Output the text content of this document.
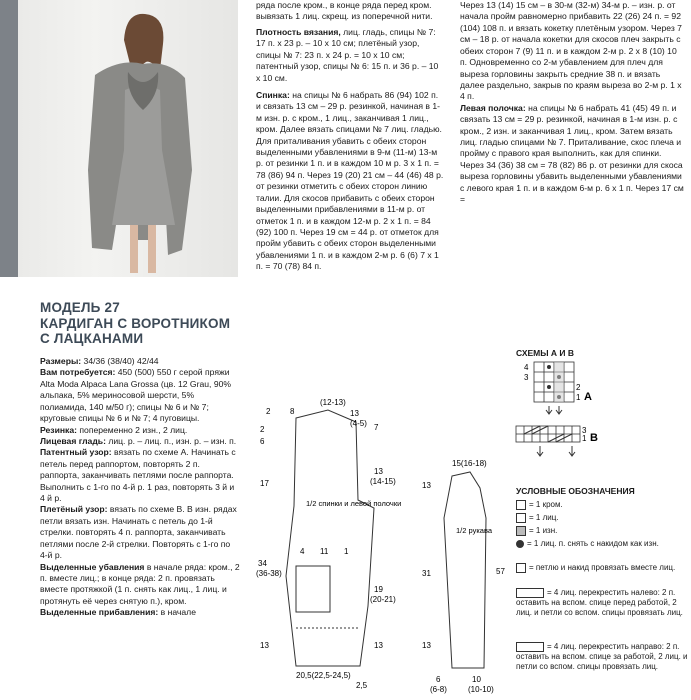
МОДЕЛЬ 27
КАРДИГАН С ВОРОТНИКОМ
С ЛАЦКАНАМИ

Размеры: 34/36 (38/40) 42/44

Вам потребуется: 450 (500) 550 г серой пряжи Alta Moda Alpaca Lana Grossa (цв. 12 Grau, 90% альпака, 5% мериносовой шерсти, 5% полиамида, 140 м/50 г); спицы № 6 и № 7; круговые спицы № 6 и № 7; 4 пуговицы.

Резинка: попеременно 2 изн., 2 лиц.

Лицевая гладь: лиц. р. – лиц. п., изн. р. – изн. п.

Патентный узор: вязать по схеме А. Начинать с петель перед раппортом, повторять 2 п. раппорта, заканчивать петлями после раппорта. Выполнить с 1-го по 4-й р. 1 раз, повторять 3 й и 4 й р.

Плетёный узор: вязать по схеме В. В изн. рядах петли вязать изн. Начинать с петель до 1-й стрелки. повторять 4 п. раппорта, заканчивать петлями после 2-й стрелки. Повторять с 1-го по 4-й р.

Выделенные убавления в начале ряда: кром., 2 п. вместе лиц.; в конце ряда: 2 п. провязать вместе протяжкой (1 п. снять как лиц., 1 лиц. и протянуть её через снятую п.), кром.

Выделенные прибавления: в начале

ряда после кром., в конце ряда перед кром. вывязать 1 лиц. скрещ. из поперечной нити.

Плотность вязания, лиц. гладь, спицы № 7: 17 п. x 23 р. – 10 x 10 см; плетёный узор, спицы № 7: 23 п. x 24 р. = 10 x 10 см; патентный узор, спицы № 6: 15 п. и 36 р. – 10 x 10 см.

Спинка: на спицы № 6 набрать 86 (94) 102 п. и связать 13 см – 29 р. резинкой, начиная в 1-м изн. р. с кром., 1 лиц., заканчивая 1 лиц., кром. Далее вязать спицами № 7 лиц. гладью. Для приталивания убавить с обеих сторон выделенными убавлениями в 9-м (11-м) 13-м р. от резинки 1 п. и в каждом 10 м р. 3 x 1 п. = 78 (86) 94 п. Через 19 (20) 21 см – 44 (46) 48 р. от резинки отметить с обеих сторон линию талии. Для скосов прибавить с обеих сторон выделенными прибавлениями в 11-м р. от отметок 1 п. и в каждом 12-м р. 2 x 1 п. = 84 (92) 100 п. Через 19 см = 44 р. от отметок для пройм убавить с обеих сторон выделенными убавлениями 1 п. и в каждом 2-м р. 6 (6) 7 x 1 п. = 70 (78) 84 п.

Через 13 (14) 15 см – в 30-м (32-м) 34-м р. – изн. р. от начала пройм равномерно прибавить 22 (26) 24 п. = 92 (104) 108 п. и вязать кокетку плетёным узором. Через 7 см – 18 р. от начала кокетки для скосов плеч закрыть с обеих сторон 7 (9) 11 п. и в каждом 2-м р. 2 x 8 (10) 10 п. Одновременно со 2-м убавлением для плеч для выреза горловины закрыть средние 38 п. и вязать далее раздельно, закрыв по краям выреза во 2-м р. 1 x 4 п.

Левая полочка: на спицы № 6 набрать 41 (45) 49 п. и связать 13 см = 29 р. резинкой, начиная в 1-м изн. р. с кром., 2 изн. и заканчивая 1 лиц., кром. Затем вязать лиц. гладью спицами № 7. Приталивание, скос плеча и пройму с правого края выполнить, как для спинки. Через 34 (36) 38 см = 78 (82) 86 р. от резинки для скоса выреза горловины убавить выделенными убавлениями с левого края 1 п. и в каждом 6-м р. 6 x 1 п. Через 17 см =

СХЕМЫ А И В
4
3
2
1 А
3
1 В
УСЛОВНЫЕ ОБОЗНАЧЕНИЯ
= 1 кром.
= 1 лиц.
= 1 изн.
= 1 лиц. п. снять с накидом как изн.
= петлю и накид провязать вместе лиц.
= 4 лиц. перекрестить налево: 2 п. оставить на вспом. спице перед работой, 2 лиц. и петли со вспом. спицы провязать лиц.
= 4 лиц. перекрестить направо: 2 п. оставить на вспом. спице за работой, 2 лиц. и петли со вспом. спицы провязать лиц.
1/2 спинки и левой полочки
2 8
(12-13)
13
(4-5)
2
6
17
34
(36-38)
13
7
13
(14-15)
19
(20-21)
13
4 11 1
20,5(22,5-24,5)
2,5
15(16-18)
1/2 рукава
13
31
13
57
6
(6-8)
10
(10-10)
